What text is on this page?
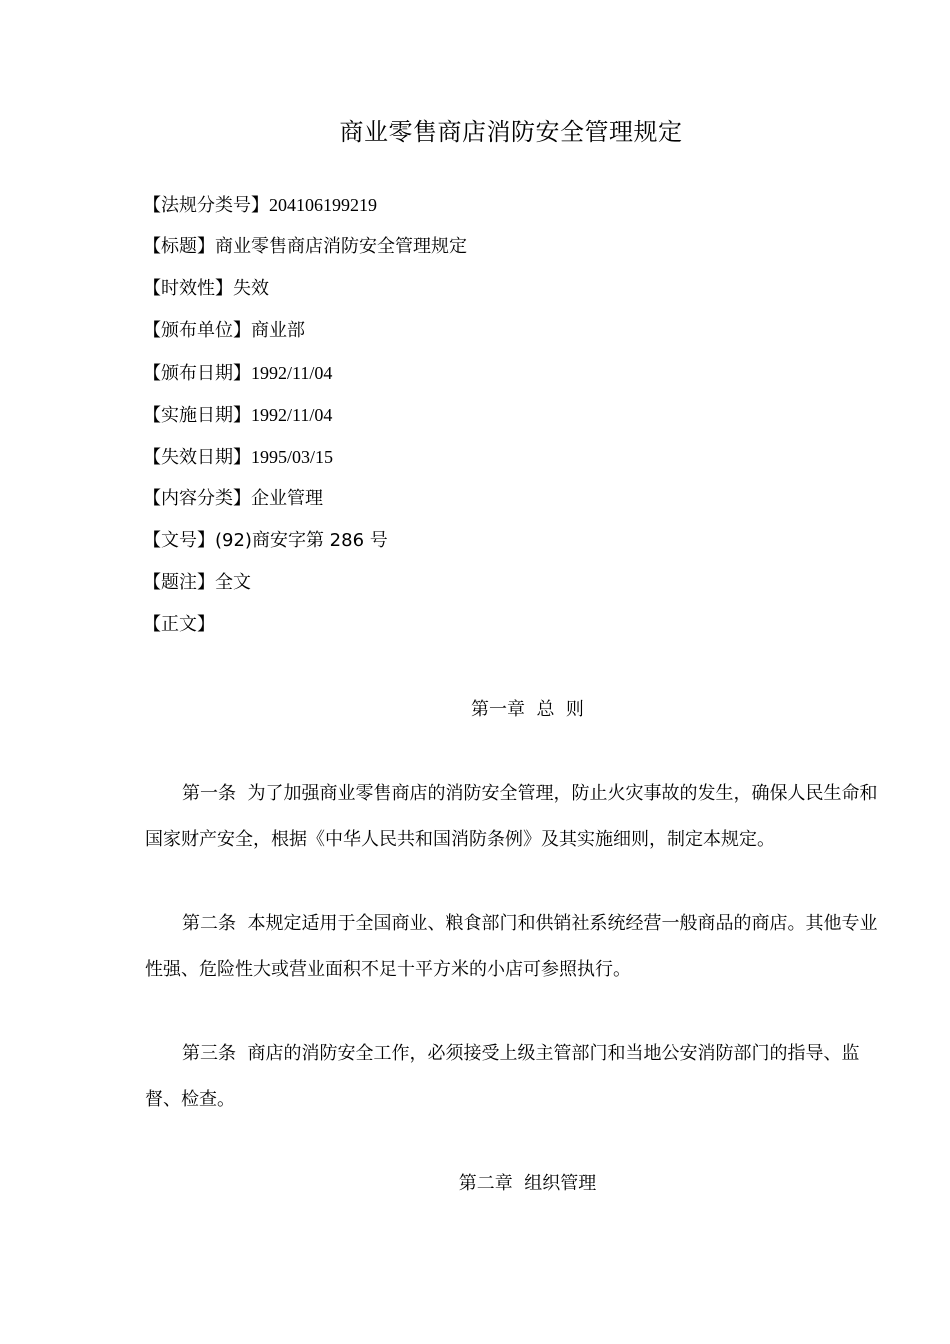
商业零售商店消防安全管理规定
【法规分类号】204106199219
【标题】商业零售商店消防安全管理规定
【时效性】失效
【颁布单位】商业部
【颁布日期】1992/11/04
【实施日期】1992/11/04
【失效日期】1995/03/15
【内容分类】企业管理
【文号】(92)商安字第 286 号
【题注】全文
【正文】
第一章  总  则
第一条  为了加强商业零售商店的消防安全管理，防止火灾事故的发生，确保人民生命和国家财产安全，根据《中华人民共和国消防条例》及其实施细则，制定本规定。
第二条  本规定适用于全国商业、粮食部门和供销社系统经营一般商品的商店。其他专业性强、危险性大或营业面积不足十平方米的小店可参照执行。
第三条  商店的消防安全工作，必须接受上级主管部门和当地公安消防部门的指导、监督、检查。
第二章  组织管理
